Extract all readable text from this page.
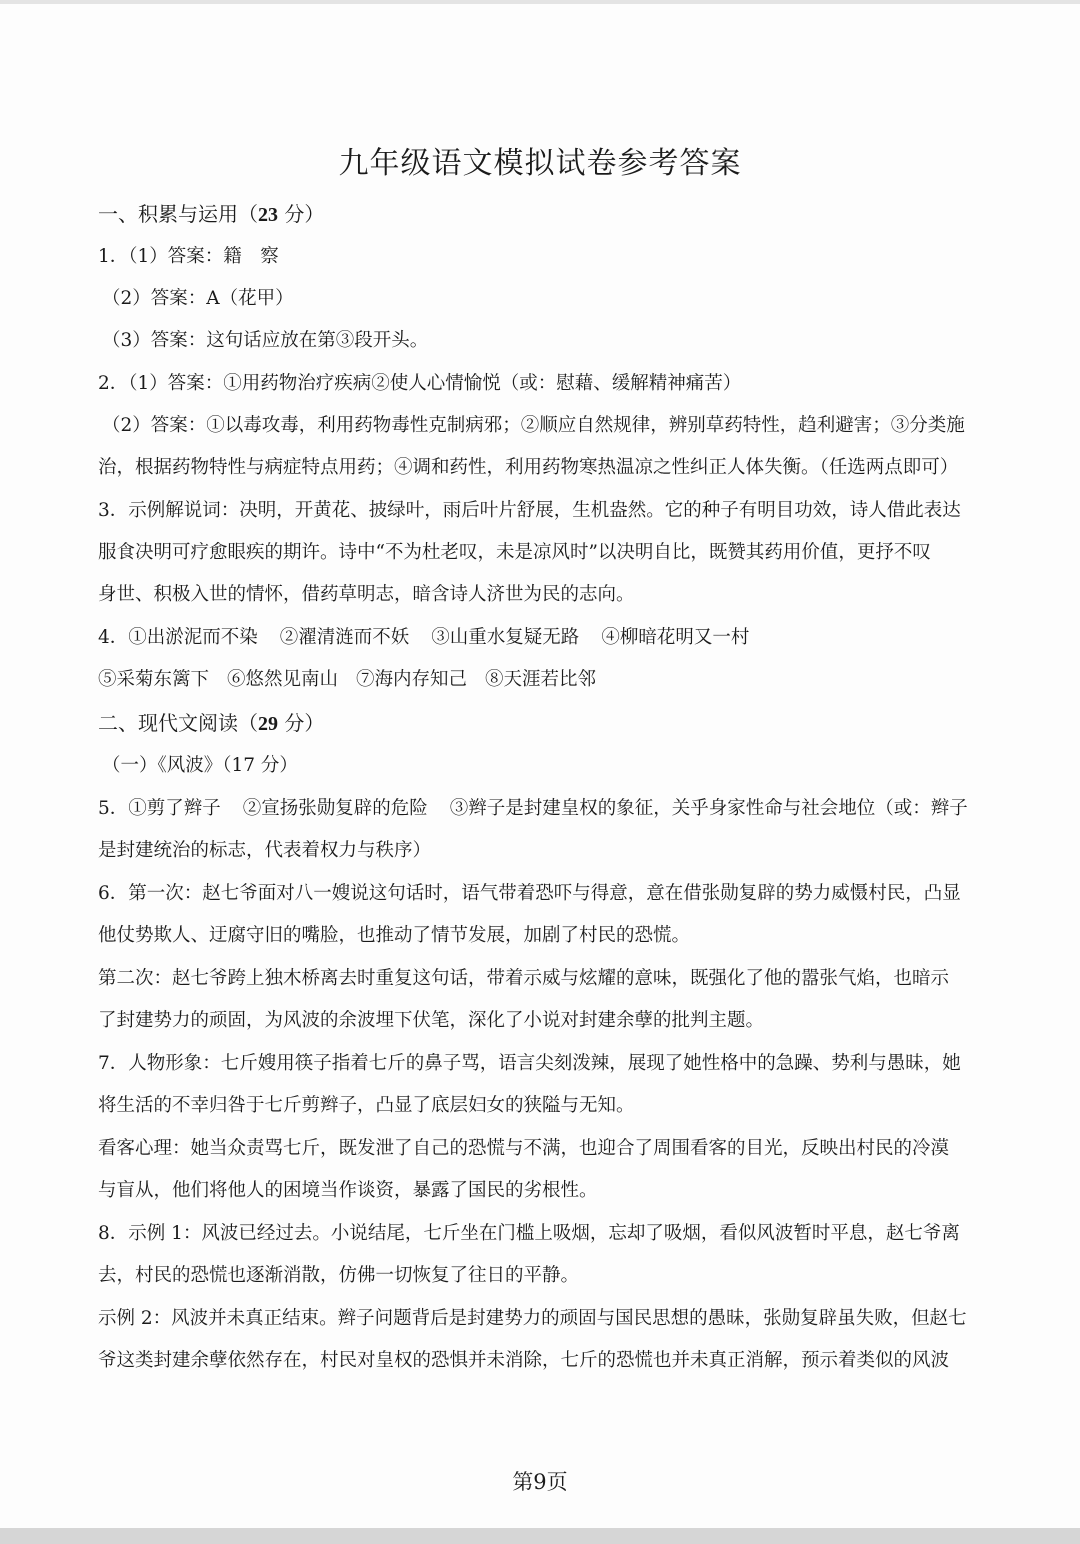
九年级语文模拟试卷参考答案
一、积累与运用（23 分）
1．（1）答案：籍　察
（2）答案：A（花甲）
（3）答案：这句话应放在第③段开头。
2．（1）答案：①用药物治疗疾病②使人心情愉悦（或：慰藉、缓解精神痛苦）
（2）答案：①以毒攻毒，利用药物毒性克制病邪；②顺应自然规律，辨别草药特性，趋利避害；③分类施
治，根据药物特性与病症特点用药；④调和药性，利用药物寒热温凉之性纠正人体失衡。（任选两点即可）
3．示例解说词：决明，开黄花、披绿叶，雨后叶片舒展，生机盎然。它的种子有明目功效，诗人借此表达
服食决明可疗愈眼疾的期许。诗中“不为杜老叹，未是凉风时”以决明自比，既赞其药用价值，更抒不叹
身世、积极入世的情怀，借药草明志，暗含诗人济世为民的志向。
4．①出淤泥而不染 ②濯清涟而不妖 ③山重水复疑无路 ④柳暗花明又一村
⑤采菊东篱下 ⑥悠然见南山 ⑦海内存知己 ⑧天涯若比邻
二、现代文阅读（29 分）
（一）《风波》（17 分）
5．①剪了辫子 ②宣扬张勋复辟的危险 ③辫子是封建皇权的象征，关乎身家性命与社会地位（或：辫子
是封建统治的标志，代表着权力与秩序）
6．第一次：赵七爷面对八一嫂说这句话时，语气带着恐吓与得意，意在借张勋复辟的势力威慑村民，凸显
他仗势欺人、迂腐守旧的嘴脸，也推动了情节发展，加剧了村民的恐慌。
第二次：赵七爷跨上独木桥离去时重复这句话，带着示威与炫耀的意味，既强化了他的嚣张气焰，也暗示
了封建势力的顽固，为风波的余波埋下伏笔，深化了小说对封建余孽的批判主题。
7．人物形象：七斤嫂用筷子指着七斤的鼻子骂，语言尖刻泼辣，展现了她性格中的急躁、势利与愚昧，她
将生活的不幸归咎于七斤剪辫子，凸显了底层妇女的狭隘与无知。
看客心理：她当众责骂七斤，既发泄了自己的恐慌与不满，也迎合了周围看客的目光，反映出村民的冷漠
与盲从，他们将他人的困境当作谈资，暴露了国民的劣根性。
8．示例 1：风波已经过去。小说结尾，七斤坐在门槛上吸烟，忘却了吸烟，看似风波暂时平息，赵七爷离
去，村民的恐慌也逐渐消散，仿佛一切恢复了往日的平静。
示例 2：风波并未真正结束。辫子问题背后是封建势力的顽固与国民思想的愚昧，张勋复辟虽失败，但赵七
爷这类封建余孽依然存在，村民对皇权的恐惧并未消除，七斤的恐慌也并未真正消解，预示着类似的风波
第9页
